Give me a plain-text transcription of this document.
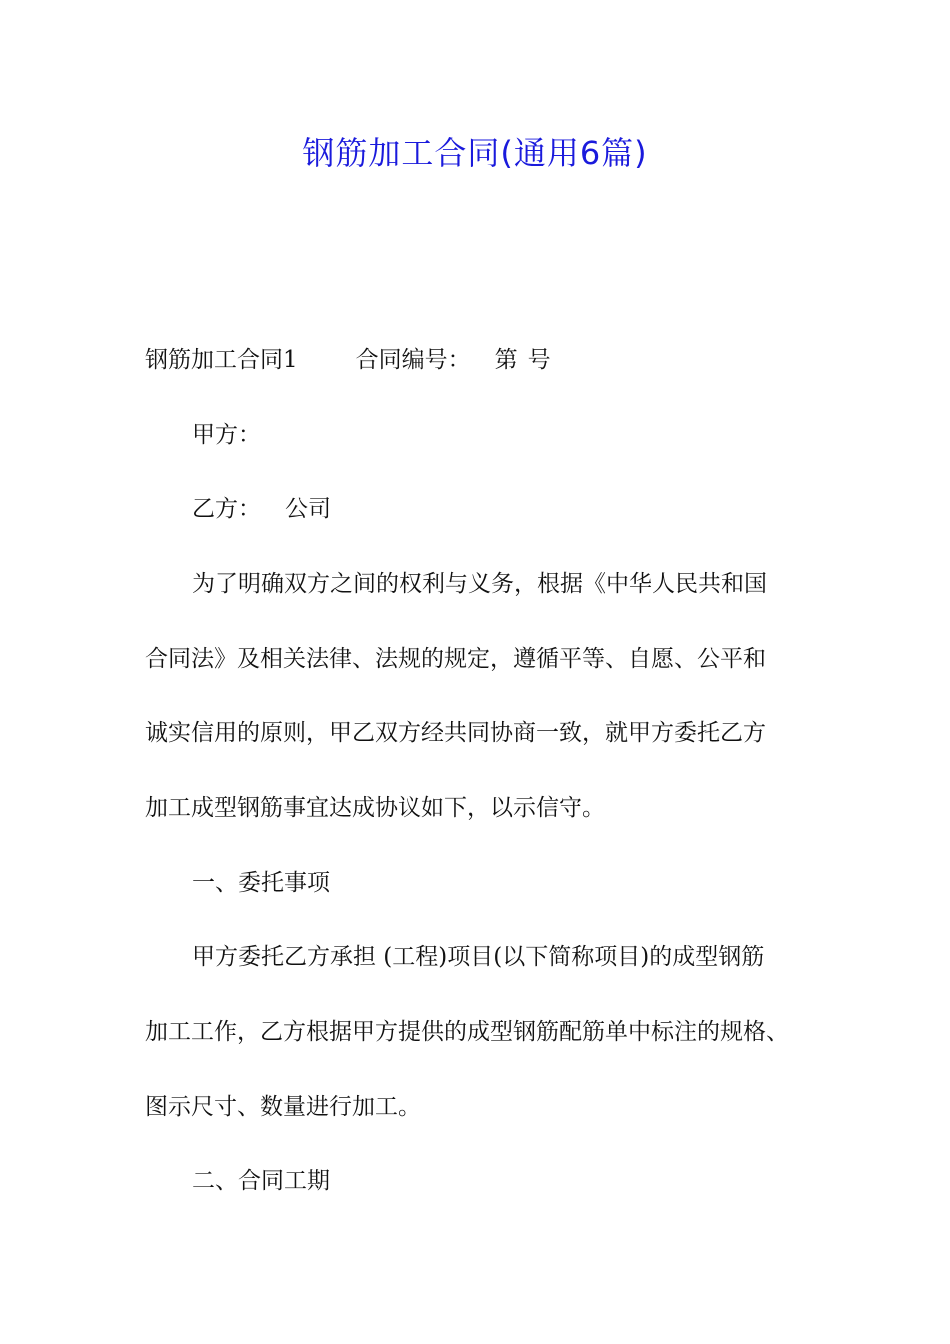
钢筋加工合同(通用6篇)
钢筋加工合同1	合同编号： 第 号
甲方：
乙方： 公司
为了明确双方之间的权利与义务，根据《中华人民共和国
合同法》及相关法律、法规的规定，遵循平等、自愿、公平和
诚实信用的原则，甲乙双方经共同协商一致，就甲方委托乙方
加工成型钢筋事宜达成协议如下，以示信守。
一、委托事项
甲方委托乙方承担 (工程)项目(以下简称项目)的成型钢筋
加工工作，乙方根据甲方提供的成型钢筋配筋单中标注的规格、
图示尺寸、数量进行加工。
二、合同工期
